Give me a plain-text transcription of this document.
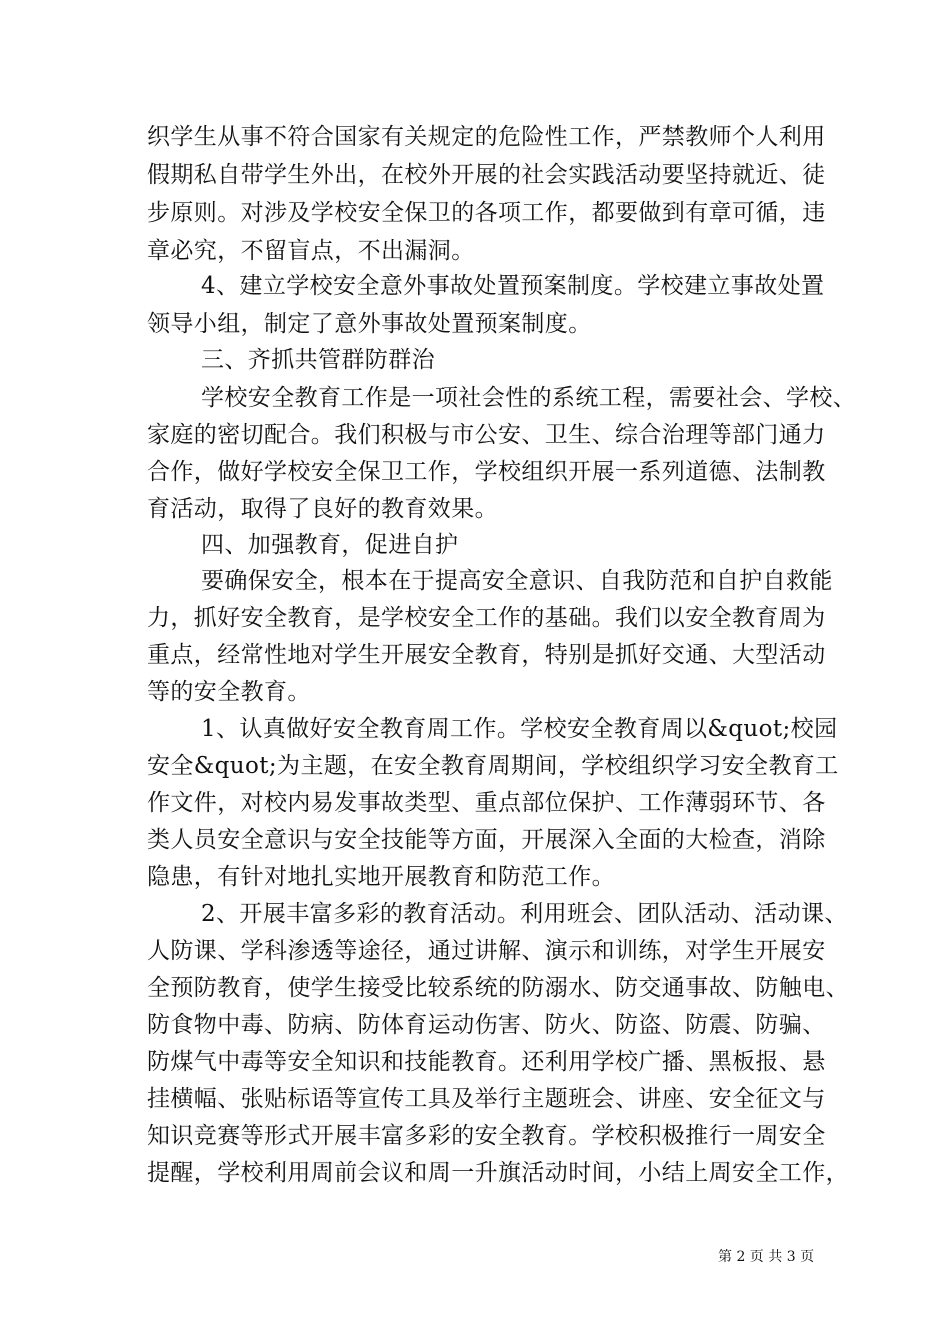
织学生从事不符合国家有关规定的危险性工作，严禁教师个人利用
假期私自带学生外出，在校外开展的社会实践活动要坚持就近、徒
步原则。对涉及学校安全保卫的各项工作，都要做到有章可循，违
章必究，不留盲点，不出漏洞。
4、建立学校安全意外事故处置预案制度。学校建立事故处置
领导小组，制定了意外事故处置预案制度。
三、齐抓共管群防群治
学校安全教育工作是一项社会性的系统工程，需要社会、学校、
家庭的密切配合。我们积极与市公安、卫生、综合治理等部门通力
合作，做好学校安全保卫工作，学校组织开展一系列道德、法制教
育活动，取得了良好的教育效果。
四、加强教育，促进自护
要确保安全，根本在于提高安全意识、自我防范和自护自救能
力，抓好安全教育，是学校安全工作的基础。我们以安全教育周为
重点，经常性地对学生开展安全教育，特别是抓好交通、大型活动
等的安全教育。
1、认真做好安全教育周工作。学校安全教育周以&quot;校园
安全&quot;为主题，在安全教育周期间，学校组织学习安全教育工
作文件，对校内易发事故类型、重点部位保护、工作薄弱环节、各
类人员安全意识与安全技能等方面，开展深入全面的大检查，消除
隐患，有针对地扎实地开展教育和防范工作。
2、开展丰富多彩的教育活动。利用班会、团队活动、活动课、
人防课、学科渗透等途径，通过讲解、演示和训练，对学生开展安
全预防教育，使学生接受比较系统的防溺水、防交通事故、防触电、
防食物中毒、防病、防体育运动伤害、防火、防盗、防震、防骗、
防煤气中毒等安全知识和技能教育。还利用学校广播、黑板报、悬
挂横幅、张贴标语等宣传工具及举行主题班会、讲座、安全征文与
知识竞赛等形式开展丰富多彩的安全教育。学校积极推行一周安全
提醒，学校利用周前会议和周一升旗活动时间，小结上周安全工作，
第 2 页 共 3 页
